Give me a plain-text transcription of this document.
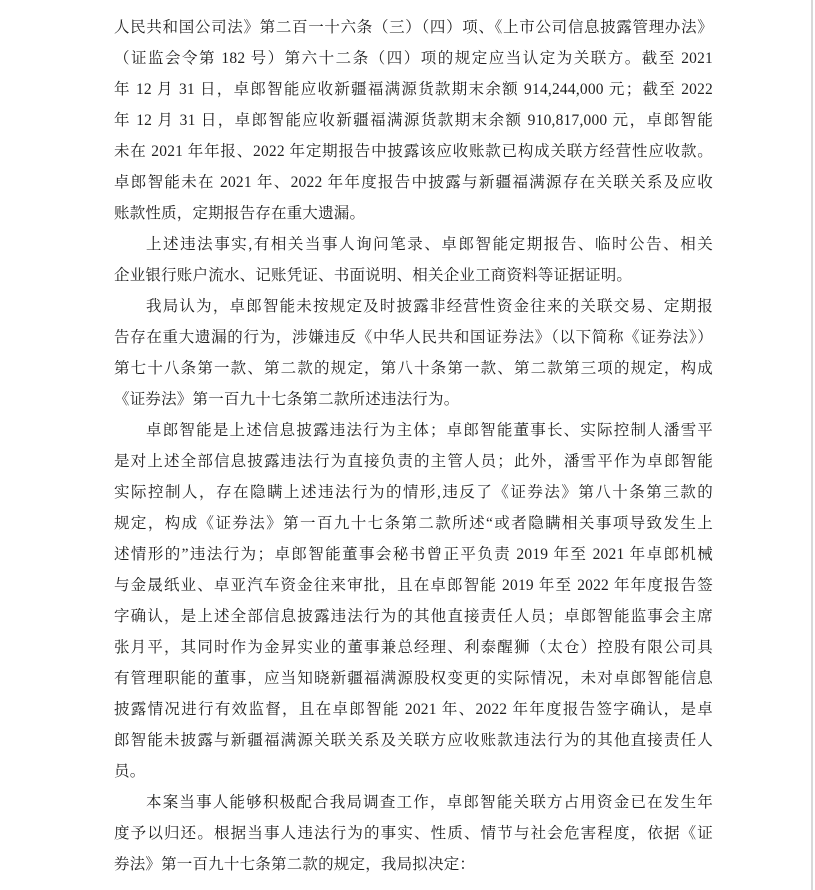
人民共和国公司法》第二百一十六条（三）（四）项、《上市公司信息披露管理办法》
（证监会令第 182 号）第六十二条（四）项的规定应当认定为关联方。截至 2021
年 12 月 31 日，卓郎智能应收新疆福满源货款期末余额 914,244,000 元；截至 2022
年 12 月 31 日，卓郎智能应收新疆福满源货款期末余额 910,817,000 元，卓郎智能
未在 2021 年年报、2022 年定期报告中披露该应收账款已构成关联方经营性应收款。
卓郎智能未在 2021 年、2022 年年度报告中披露与新疆福满源存在关联关系及应收
账款性质，定期报告存在重大遗漏。
上述违法事实,有相关当事人询问笔录、卓郎智能定期报告、临时公告、相关
企业银行账户流水、记账凭证、书面说明、相关企业工商资料等证据证明。
我局认为，卓郎智能未按规定及时披露非经营性资金往来的关联交易、定期报
告存在重大遗漏的行为，涉嫌违反《中华人民共和国证券法》（以下简称《证券法》）
第七十八条第一款、第二款的规定，第八十条第一款、第二款第三项的规定，构成
《证券法》第一百九十七条第二款所述违法行为。
卓郎智能是上述信息披露违法行为主体；卓郎智能董事长、实际控制人潘雪平
是对上述全部信息披露违法行为直接负责的主管人员；此外，潘雪平作为卓郎智能
实际控制人，存在隐瞒上述违法行为的情形,违反了《证券法》第八十条第三款的
规定，构成《证券法》第一百九十七条第二款所述“或者隐瞒相关事项导致发生上
述情形的”违法行为；卓郎智能董事会秘书曾正平负责 2019 年至 2021 年卓郎机械
与金晟纸业、卓亚汽车资金往来审批，且在卓郎智能 2019 年至 2022 年年度报告签
字确认，是上述全部信息披露违法行为的其他直接责任人员；卓郎智能监事会主席
张月平，其同时作为金昇实业的董事兼总经理、利泰醒狮（太仓）控股有限公司具
有管理职能的董事，应当知晓新疆福满源股权变更的实际情况，未对卓郎智能信息
披露情况进行有效监督，且在卓郎智能 2021 年、2022 年年度报告签字确认，是卓
郎智能未披露与新疆福满源关联关系及关联方应收账款违法行为的其他直接责任人
员。
本案当事人能够积极配合我局调查工作，卓郎智能关联方占用资金已在发生年
度予以归还。根据当事人违法行为的事实、性质、情节与社会危害程度，依据《证
券法》第一百九十七条第二款的规定，我局拟决定：
